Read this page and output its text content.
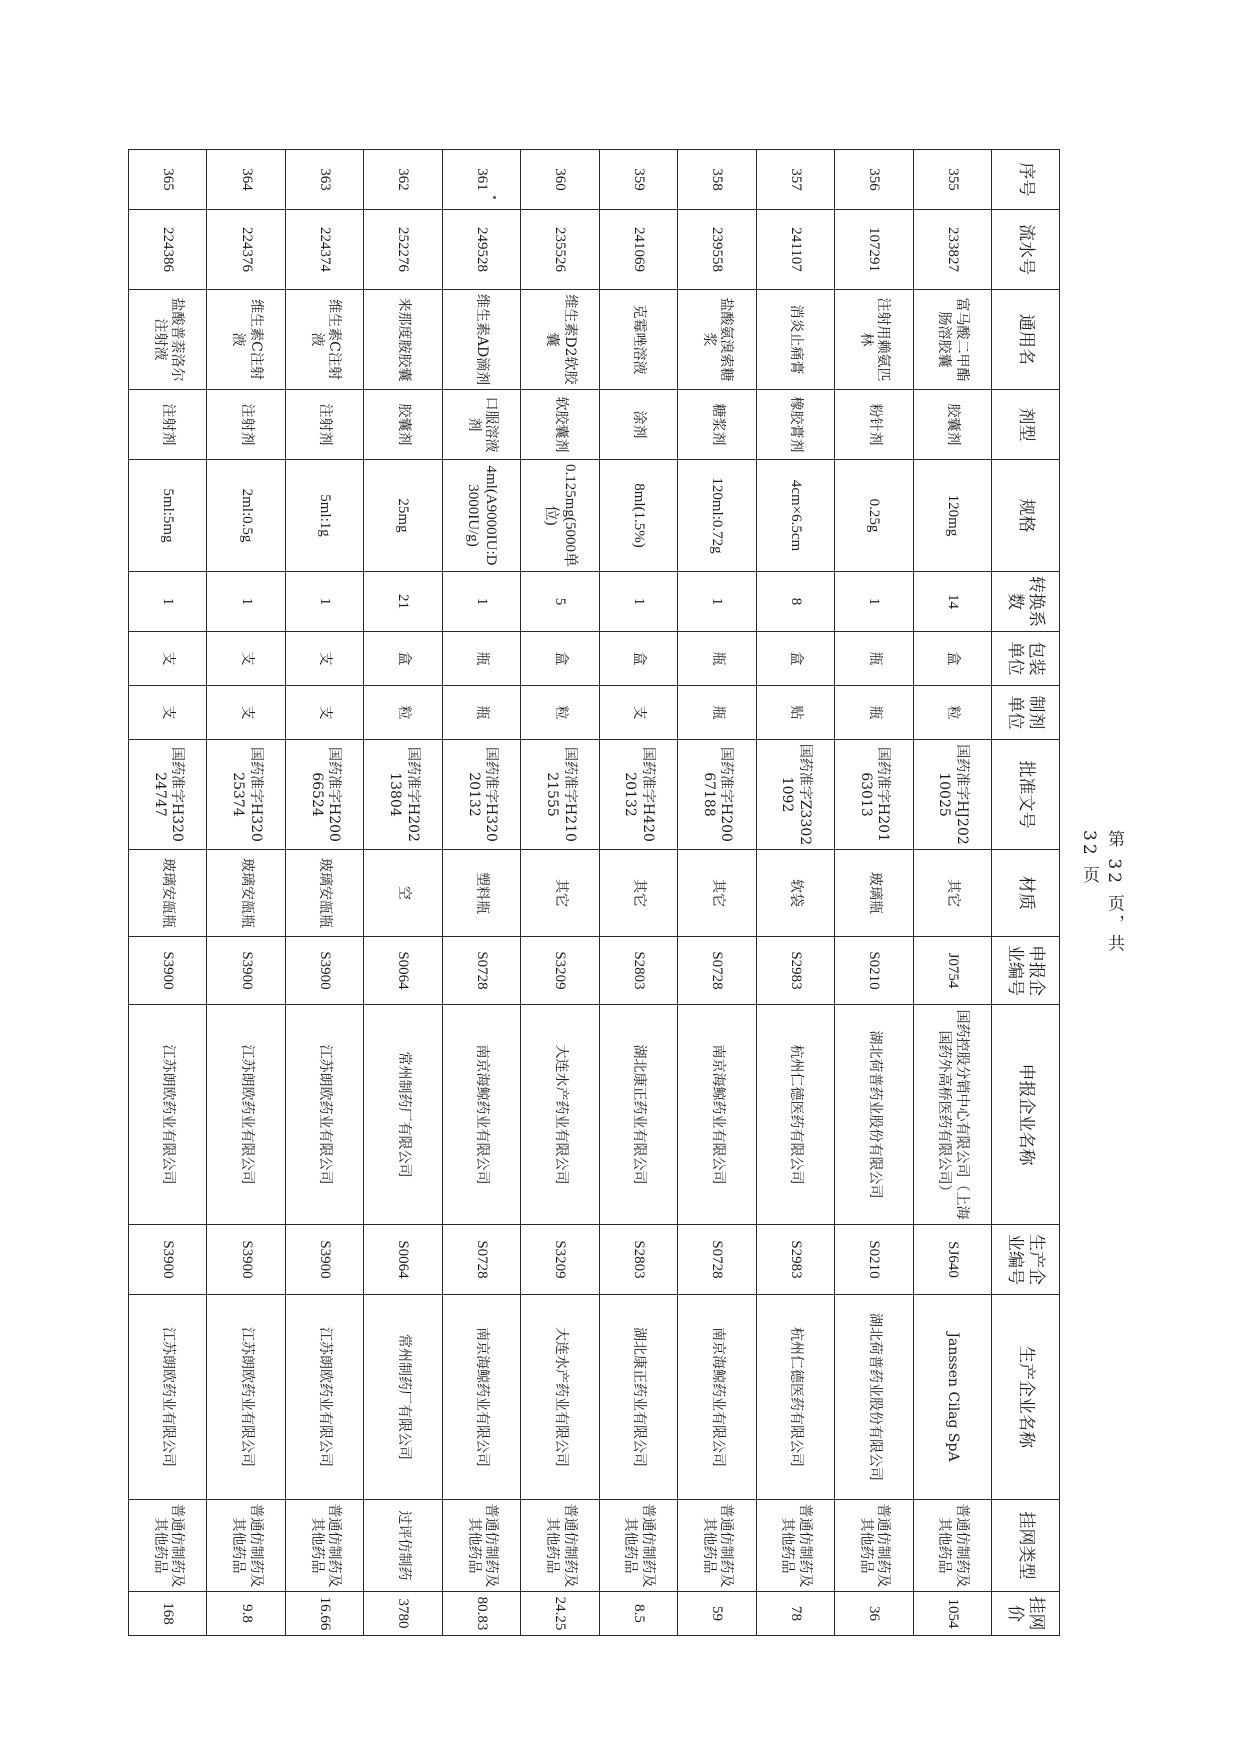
序号	流水号	通用名	剂型	规格	转换系数	包装单位	制剂单位	批准文号	材质	申报企业编号	申报企业名称	生产企业编号	生产企业名称	挂网类型	挂网价
355	233827	富马酸二甲酯肠溶胶囊	胶囊剂	120mg	14	盒	粒	国药准字HJ20210025	其它	J0754	国药控股分销中心有限公司（上海国药外高桥医药有限公司）	SJ640	Janssen Cilag SpA	普通仿制药及其他药品	1054
356	107291	注射用赖氨匹林	粉针剂	0.25g	1	瓶	瓶	国药准字H20163013	玻璃瓶	S0210	湖北荷普药业股份有限公司	S0210	湖北荷普药业股份有限公司	普通仿制药及其他药品	36
357	241107	消炎止痛膏	橡胶膏剂	4cm×6.5cm	8	盒	贴	国药准字Z33021092	软袋	S2983	杭州仁德医药有限公司	S2983	杭州仁德医药有限公司	普通仿制药及其他药品	78
358	239558	盐酸氨溴索糖浆	糖浆剂	120ml:0.72g	1	瓶	瓶	国药准字H20067188	其它	S0728	南京海鲸药业有限公司	S0728	南京海鲸药业有限公司	普通仿制药及其他药品	59
359	241069	克霉唑溶液	涂剂	8ml(1.5%)	1	盒	支	国药准字H42020132	其它	S2803	湖北康正药业有限公司	S2803	湖北康正药业有限公司	普通仿制药及其他药品	8.5
360	235526	维生素D2软胶囊	软胶囊剂	0.125mg(5000单位)	5	盒	粒	国药准字H21021555	其它	S3209	大连水产药业有限公司	S3209	大连水产药业有限公司	普通仿制药及其他药品	24.25
361	249528	维生素AD滴剂	口服溶液剂	4ml(A9000IU:D3000IU/g)	1	瓶	瓶	国药准字H32020132	塑料瓶	S0728	南京海鲸药业有限公司	S0728	南京海鲸药业有限公司	普通仿制药及其他药品	80.83
362	252276	来那度胺胶囊	胶囊剂	25mg	21	盒	粒	国药准字H20213804	空	S0064	常州制药厂有限公司	S0064	常州制药厂有限公司	过评仿制药	3780
363	224374	维生素C注射液	注射剂	5ml:1g	1	支	支	国药准字H20066524	玻璃安瓿瓶	S3900	江苏朗欧药业有限公司	S3900	江苏朗欧药业有限公司	普通仿制药及其他药品	16.66
364	224376	维生素C注射液	注射剂	2ml:0.5g	1	支	支	国药准字H32025374	玻璃安瓿瓶	S3900	江苏朗欧药业有限公司	S3900	江苏朗欧药业有限公司	普通仿制药及其他药品	9.8
365	224386	盐酸普萘洛尔注射液	注射剂	5ml:5mg	1	支	支	国药准字H32024747	玻璃安瓿瓶	S3900	江苏朗欧药业有限公司	S3900	江苏朗欧药业有限公司	普通仿制药及其他药品	168
第 32 页，共 32 页
